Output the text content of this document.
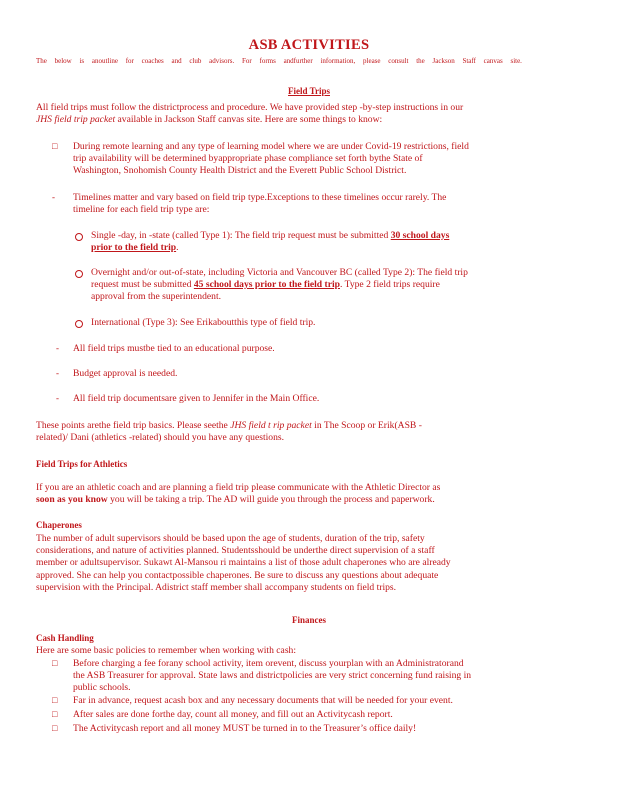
ASB ACTIVITIES
The below is anoutline for coaches and club advisors. For forms andfurther information, please consult the Jackson Staff canvas site.
Field Trips
All field trips must follow the districtprocess and procedure. We have provided step -by-step instructions in our
JHS field trip packet available in Jackson Staff canvas site. Here are some things to know:
□ During remote learning and any type of learning model where we are under Covid-19 restrictions, field
trip availability will be determined byappropriate phase compliance set forth bythe State of
Washington, Snohomish County Health District and the Everett Public School District.
- Timelines matter and vary based on field trip type.Exceptions to these timelines occur rarely. The
timeline for each field trip type are:
Single -day, in -state (called Type 1): The field trip request must be submitted 30 school days
prior to the field trip.
Overnight and/or out-of-state, including Victoria and Vancouver BC (called Type 2): The field trip
request must be submitted 45 school days prior to the field trip. Type 2 field trips require
approval from the superintendent.
International (Type 3): See Erikaboutthis type of field trip.
- All field trips mustbe tied to an educational purpose.
- Budget approval is needed.
- All field trip documentsare given to Jennifer in the Main Office.
These points arethe field trip basics. Please seethe JHS field t rip packet in The Scoop or Erik(ASB -
related)/ Dani (athletics -related) should you have any questions.
Field Trips for Athletics
If you are an athletic coach and are planning a field trip please communicate with the Athletic Director as
soon as you know you will be taking a trip. The AD will guide you through the process and paperwork.
Chaperones
The number of adult supervisors should be based upon the age of students, duration of the trip, safety
considerations, and nature of activities planned. Studentsshould be underthe direct supervision of a staff
member or adultsupervisor. Sukawt Al-Mansou ri maintains a list of those adult chaperones who are already
approved. She can help you contactpossible chaperones. Be sure to discuss any questions about adequate
supervision with the Principal. Adistrict staff member shall accompany students on field trips.
Finances
Cash Handling
Here are some basic policies to remember when working with cash:
□ Before charging a fee forany school activity, item orevent, discuss yourplan with an Administratorand
the ASB Treasurer for approval. State laws and districtpolicies are very strict concerning fund raising in
public schools.
□ Far in advance, request acash box and any necessary documents that will be needed for your event.
□ After sales are done forthe day, count all money, and fill out an Activitycash report.
□ The Activitycash report and all money MUST be turned in to the Treasurer’s office daily!
